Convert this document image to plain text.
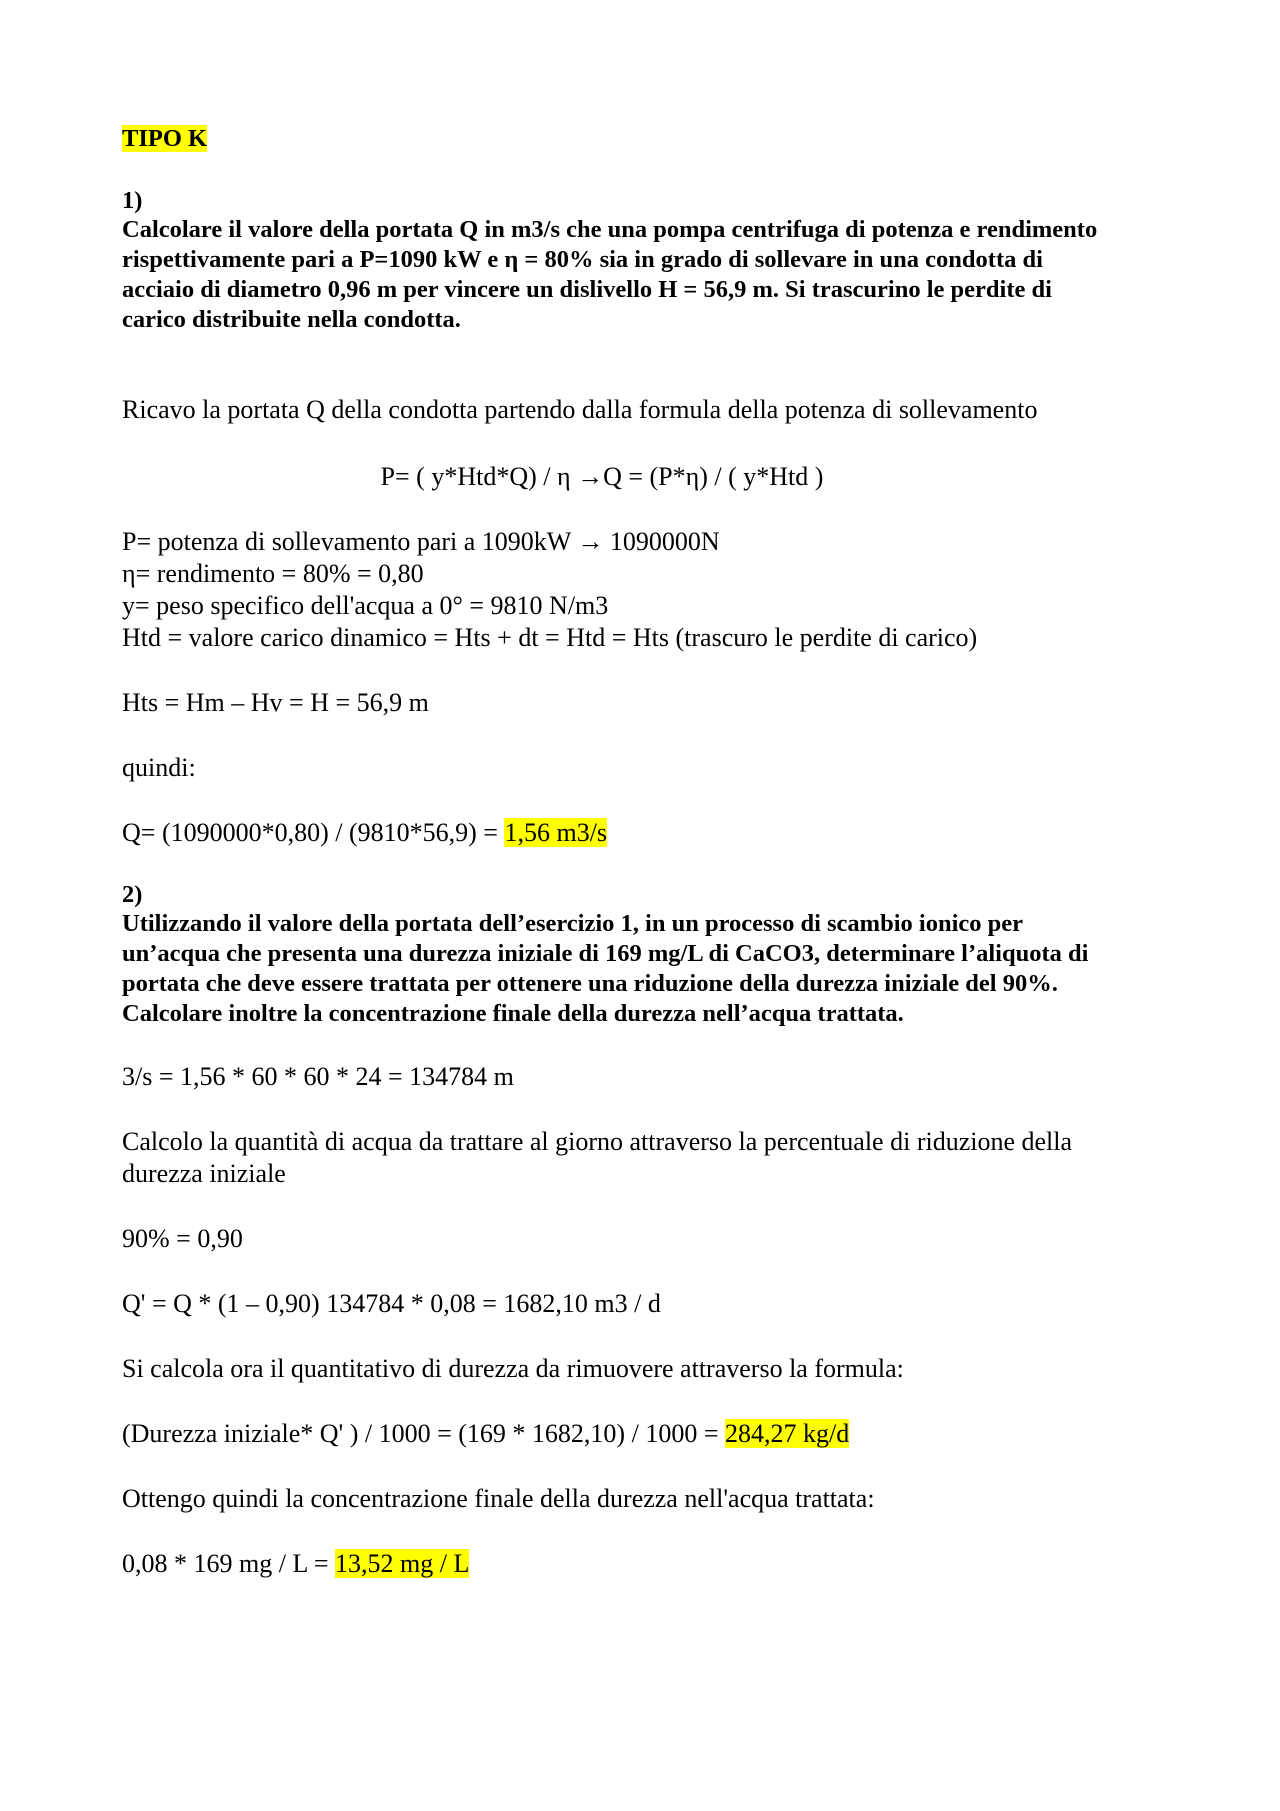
TIPO K
1)
Calcolare il valore della portata Q in m3/s che una pompa centrifuga di potenza e rendimento
rispettivamente pari a P=1090 kW e η = 80% sia in grado di sollevare in una condotta di
acciaio di diametro 0,96 m per vincere un dislivello H = 56,9 m. Si trascurino le perdite di
carico distribuite nella condotta.
Ricavo la portata Q della condotta partendo dalla formula della potenza di sollevamento
P= ( y*Htd*Q) / η →Q = (P*η) / ( y*Htd )
P= potenza di sollevamento pari a 1090kW → 1090000N
η= rendimento = 80% = 0,80
y= peso specifico dell'acqua a 0° = 9810 N/m3
Htd = valore carico dinamico = Hts + dt = Htd = Hts (trascuro le perdite di carico)
Hts = Hm – Hv = H = 56,9 m
quindi:
Q= (1090000*0,80) / (9810*56,9) = 1,56 m3/s
2)
Utilizzando il valore della portata dell’esercizio 1, in un processo di scambio ionico per
un’acqua che presenta una durezza iniziale di 169 mg/L di CaCO3, determinare l’aliquota di
portata che deve essere trattata per ottenere una riduzione della durezza iniziale del 90%.
Calcolare inoltre la concentrazione finale della durezza nell’acqua trattata.
3/s = 1,56 * 60 * 60 * 24 = 134784 m
Calcolo la quantità di acqua da trattare al giorno attraverso la percentuale di riduzione della
durezza iniziale
90% = 0,90
Q' = Q * (1 – 0,90) 134784 * 0,08 = 1682,10 m3 / d
Si calcola ora il quantitativo di durezza da rimuovere attraverso la formula:
(Durezza iniziale* Q' ) / 1000 = (169 * 1682,10) / 1000 = 284,27 kg/d
Ottengo quindi la concentrazione finale della durezza nell'acqua trattata:
0,08 * 169 mg / L = 13,52 mg / L
